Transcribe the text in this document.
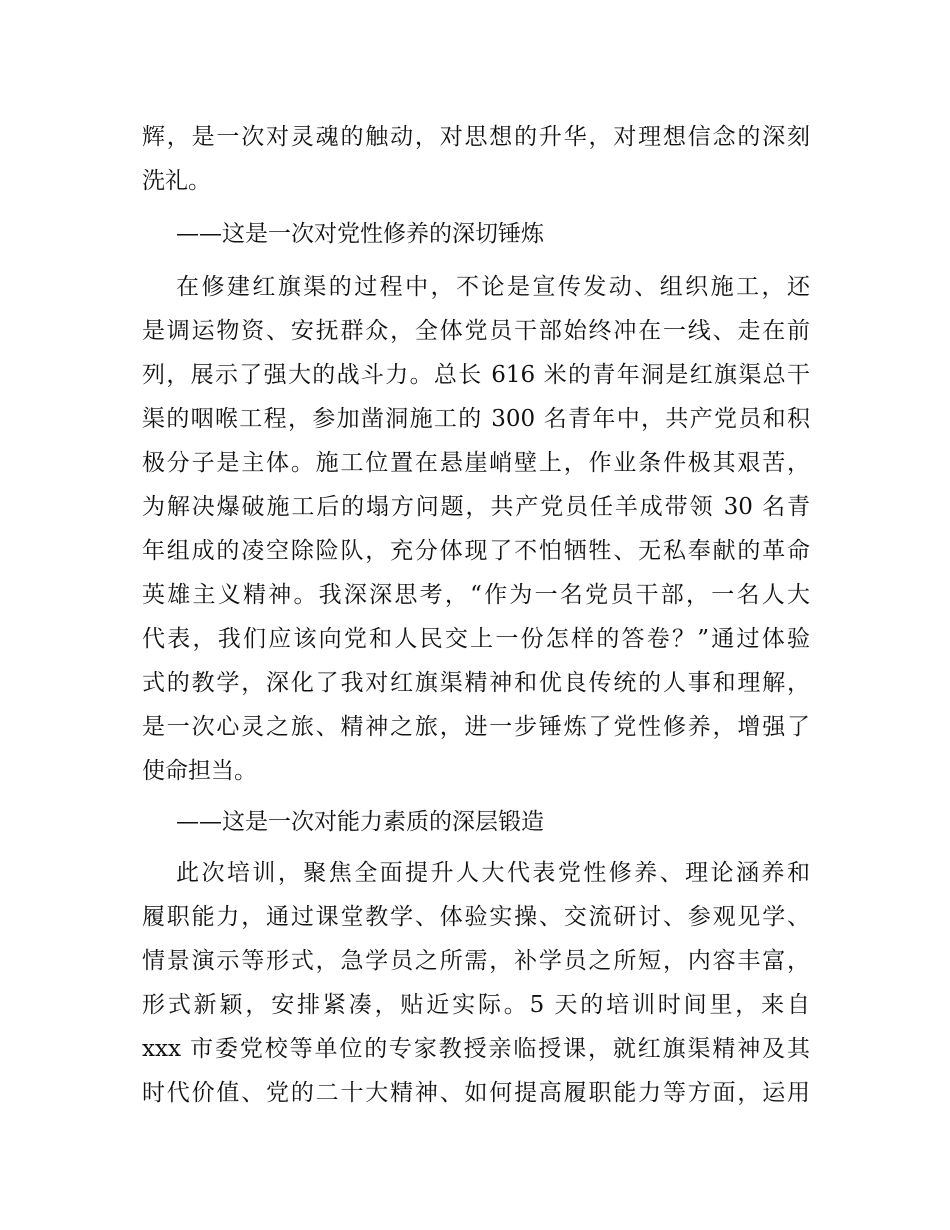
辉，是一次对灵魂的触动，对思想的升华，对理想信念的深刻
洗礼。
——这是一次对党性修养的深切锤炼
在修建红旗渠的过程中，不论是宣传发动、组织施工，还
是调运物资、安抚群众，全体党员干部始终冲在一线、走在前
列，展示了强大的战斗力。总长 616 米的青年洞是红旗渠总干
渠的咽喉工程，参加凿洞施工的 300 名青年中，共产党员和积
极分子是主体。施工位置在悬崖峭壁上，作业条件极其艰苦，
为解决爆破施工后的塌方问题，共产党员任羊成带领 30 名青
年组成的凌空除险队，充分体现了不怕牺牲、无私奉献的革命
英雄主义精神。我深深思考，“作为一名党员干部，一名人大
代表，我们应该向党和人民交上一份怎样的答卷？”通过体验
式的教学，深化了我对红旗渠精神和优良传统的人事和理解，
是一次心灵之旅、精神之旅，进一步锤炼了党性修养，增强了
使命担当。
——这是一次对能力素质的深层锻造
此次培训，聚焦全面提升人大代表党性修养、理论涵养和
履职能力，通过课堂教学、体验实操、交流研讨、参观见学、
情景演示等形式，急学员之所需，补学员之所短，内容丰富，
形式新颖，安排紧凑，贴近实际。5 天的培训时间里，来自
xxx 市委党校等单位的专家教授亲临授课，就红旗渠精神及其
时代价值、党的二十大精神、如何提高履职能力等方面，运用
